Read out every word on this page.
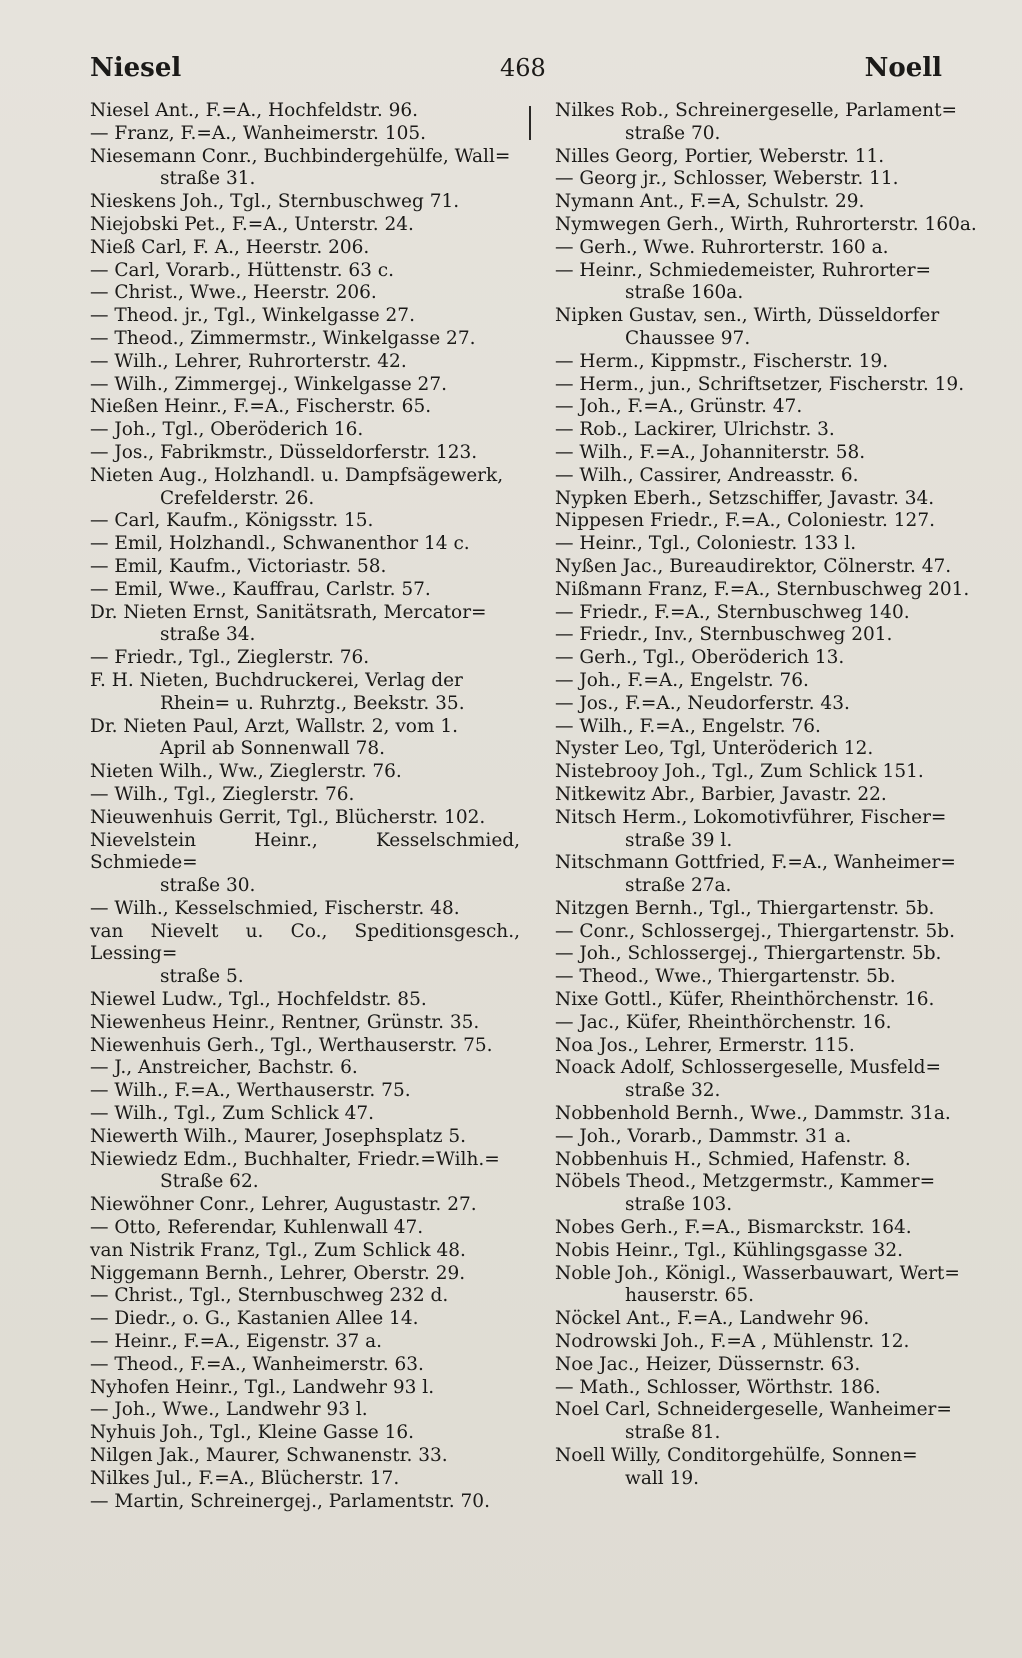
Niesel	468	Noell
Niesel Ant., F.=A., Hochfeldstr. 96.
— Franz, F.=A., Wanheimerstr. 105.
Niesemann Conr., Buchbindergehülfe, Wall=
straße 31.
Nieskens Joh., Tgl., Sternbuschweg 71.
Niejobski Pet., F.=A., Unterstr. 24.
Nieß Carl, F. A., Heerstr. 206.
— Carl, Vorarb., Hüttenstr. 63 c.
— Christ., Wwe., Heerstr. 206.
— Theod. jr., Tgl., Winkelgasse 27.
— Theod., Zimmermstr., Winkelgasse 27.
— Wilh., Lehrer, Ruhrorterstr. 42.
— Wilh., Zimmergej., Winkelgasse 27.
Nießen Heinr., F.=A., Fischerstr. 65.
— Joh., Tgl., Oberöderich 16.
— Jos., Fabrikmstr., Düsseldorferstr. 123.
Nieten Aug., Holzhandl. u. Dampfsägewerk,
Crefelderstr. 26.
— Carl, Kaufm., Königsstr. 15.
— Emil, Holzhandl., Schwanenthor 14 c.
— Emil, Kaufm., Victoriastr. 58.
— Emil, Wwe., Kauffrau, Carlstr. 57.
Dr. Nieten Ernst, Sanitätsrath, Mercator=
straße 34.
— Friedr., Tgl., Zieglerstr. 76.
F. H. Nieten, Buchdruckerei, Verlag der
Rhein= u. Ruhrztg., Beekstr. 35.
Dr. Nieten Paul, Arzt, Wallstr. 2, vom 1.
April ab Sonnenwall 78.
Nieten Wilh., Ww., Zieglerstr. 76.
— Wilh., Tgl., Zieglerstr. 76.
Nieuwenhuis Gerrit, Tgl., Blücherstr. 102.
Nievelstein Heinr., Kesselschmied, Schmiede=
straße 30.
— Wilh., Kesselschmied, Fischerstr. 48.
van Nievelt u. Co., Speditionsgesch., Lessing=
straße 5.
Niewel Ludw., Tgl., Hochfeldstr. 85.
Niewenheus Heinr., Rentner, Grünstr. 35.
Niewenhuis Gerh., Tgl., Werthauserstr. 75.
— J., Anstreicher, Bachstr. 6.
— Wilh., F.=A., Werthauserstr. 75.
— Wilh., Tgl., Zum Schlick 47.
Niewerth Wilh., Maurer, Josephsplatz 5.
Niewiedz Edm., Buchhalter, Friedr.=Wilh.=
Straße 62.
Niewöhner Conr., Lehrer, Augustastr. 27.
— Otto, Referendar, Kuhlenwall 47.
van Nistrik Franz, Tgl., Zum Schlick 48.
Niggemann Bernh., Lehrer, Oberstr. 29.
— Christ., Tgl., Sternbuschweg 232 d.
— Diedr., o. G., Kastanien Allee 14.
— Heinr., F.=A., Eigenstr. 37 a.
— Theod., F.=A., Wanheimerstr. 63.
Nyhofen Heinr., Tgl., Landwehr 93 l.
— Joh., Wwe., Landwehr 93 l.
Nyhuis Joh., Tgl., Kleine Gasse 16.
Nilgen Jak., Maurer, Schwanenstr. 33.
Nilkes Jul., F.=A., Blücherstr. 17.
— Martin, Schreinergej., Parlamentstr. 70.
Nilkes Rob., Schreinergeselle, Parlament=
straße 70.
Nilles Georg, Portier, Weberstr. 11.
— Georg jr., Schlosser, Weberstr. 11.
Nymann Ant., F.=A, Schulstr. 29.
Nymwegen Gerh., Wirth, Ruhrorterstr. 160a.
— Gerh., Wwe. Ruhrorterstr. 160 a.
— Heinr., Schmiedemeister, Ruhrorter=
straße 160a.
Nipken Gustav, sen., Wirth, Düsseldorfer
Chaussee 97.
— Herm., Kippmstr., Fischerstr. 19.
— Herm., jun., Schriftsetzer, Fischerstr. 19.
— Joh., F.=A., Grünstr. 47.
— Rob., Lackirer, Ulrichstr. 3.
— Wilh., F.=A., Johanniterstr. 58.
— Wilh., Cassirer, Andreasstr. 6.
Nypken Eberh., Setzschiffer, Javastr. 34.
Nippesen Friedr., F.=A., Coloniestr. 127.
— Heinr., Tgl., Coloniestr. 133 l.
Nyßen Jac., Bureaudirektor, Cölnerstr. 47.
Nißmann Franz, F.=A., Sternbuschweg 201.
— Friedr., F.=A., Sternbuschweg 140.
— Friedr., Inv., Sternbuschweg 201.
— Gerh., Tgl., Oberöderich 13.
— Joh., F.=A., Engelstr. 76.
— Jos., F.=A., Neudorferstr. 43.
— Wilh., F.=A., Engelstr. 76.
Nyster Leo, Tgl, Unteröderich 12.
Nistebrooy Joh., Tgl., Zum Schlick 151.
Nitkewitz Abr., Barbier, Javastr. 22.
Nitsch Herm., Lokomotivführer, Fischer=
straße 39 l.
Nitschmann Gottfried, F.=A., Wanheimer=
straße 27a.
Nitzgen Bernh., Tgl., Thiergartenstr. 5b.
— Conr., Schlossergej., Thiergartenstr. 5b.
— Joh., Schlossergej., Thiergartenstr. 5b.
— Theod., Wwe., Thiergartenstr. 5b.
Nixe Gottl., Küfer, Rheinthörchenstr. 16.
— Jac., Küfer, Rheinthörchenstr. 16.
Noa Jos., Lehrer, Ermerstr. 115.
Noack Adolf, Schlossergeselle, Musfeld=
straße 32.
Nobbenhold Bernh., Wwe., Dammstr. 31a.
— Joh., Vorarb., Dammstr. 31 a.
Nobbenhuis H., Schmied, Hafenstr. 8.
Nöbels Theod., Metzgermstr., Kammer=
straße 103.
Nobes Gerh., F.=A., Bismarckstr. 164.
Nobis Heinr., Tgl., Kühlingsgasse 32.
Noble Joh., Königl., Wasserbauwart, Wert=
hauserstr. 65.
Nöckel Ant., F.=A., Landwehr 96.
Nodrowski Joh., F.=A , Mühlenstr. 12.
Noe Jac., Heizer, Düssernstr. 63.
— Math., Schlosser, Wörthstr. 186.
Noel Carl, Schneidergeselle, Wanheimer=
straße 81.
Noell Willy, Conditorgehülfe, Sonnen=
wall 19.
